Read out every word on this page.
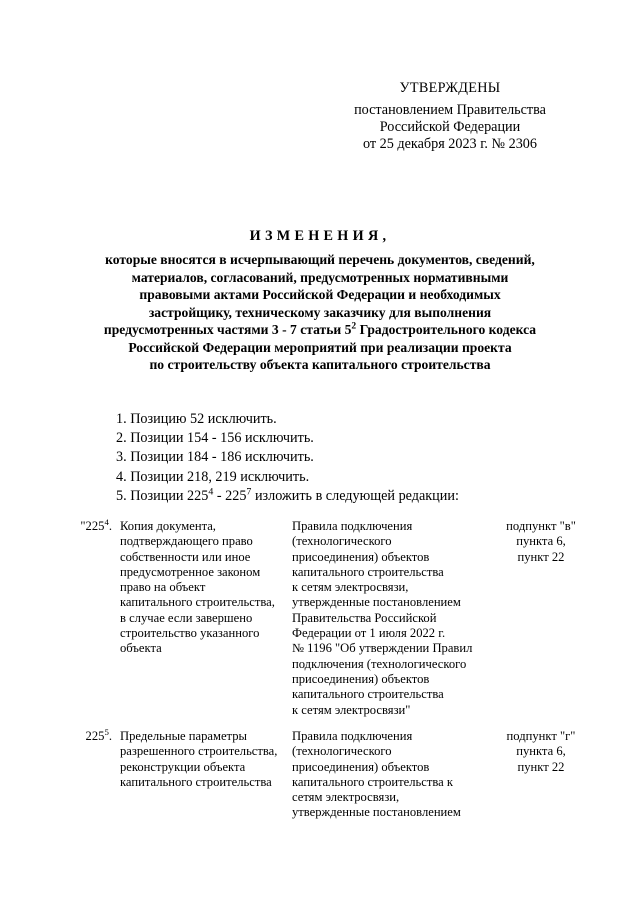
УТВЕРЖДЕНЫ
постановлением Правительства
Российской Федерации
от 25 декабря 2023 г. № 2306
ИЗМЕНЕНИЯ,
которые вносятся в исчерпывающий перечень документов, сведений,
материалов, согласований, предусмотренных нормативными
правовыми актами Российской Федерации и необходимых
застройщику, техническому заказчику для выполнения
предусмотренных частями 3 - 7 статьи $5^2$ Градостроительного кодекса
Российской Федерации мероприятий при реализации проекта
по строительству объекта капитального строительства
1. Позицию 52 исключить.
2. Позиции 154 - 156 исключить.
3. Позиции 184 - 186 исключить.
4. Позиции 218, 219 исключить.
5. Позиции $225^4 - 225^7$ изложить в следующей редакции:
"$225^4$. Копия документа,
подтверждающего право
собственности или иное
предусмотренное законом
право на объект
капитального строительства,
в случае если завершено
строительство указанного
объекта
Правила подключения
(технологического
присоединения) объектов
капитального строительства
к сетям электросвязи,
утвержденные постановлением
Правительства Российской
Федерации от 1 июля 2022 г.
№ 1196 "Об утверждении Правил
подключения (технологического
присоединения) объектов
капитального строительства
к сетям электросвязи"
подпункт "в"
пункта 6,
пункт 22
$225^5$. Предельные параметры
разрешенного строительства,
реконструкции объекта
капитального строительства
Правила подключения
(технологического
присоединения) объектов
капитального строительства к
сетям электросвязи,
утвержденные постановлением
подпункт "г"
пункта 6,
пункт 22
